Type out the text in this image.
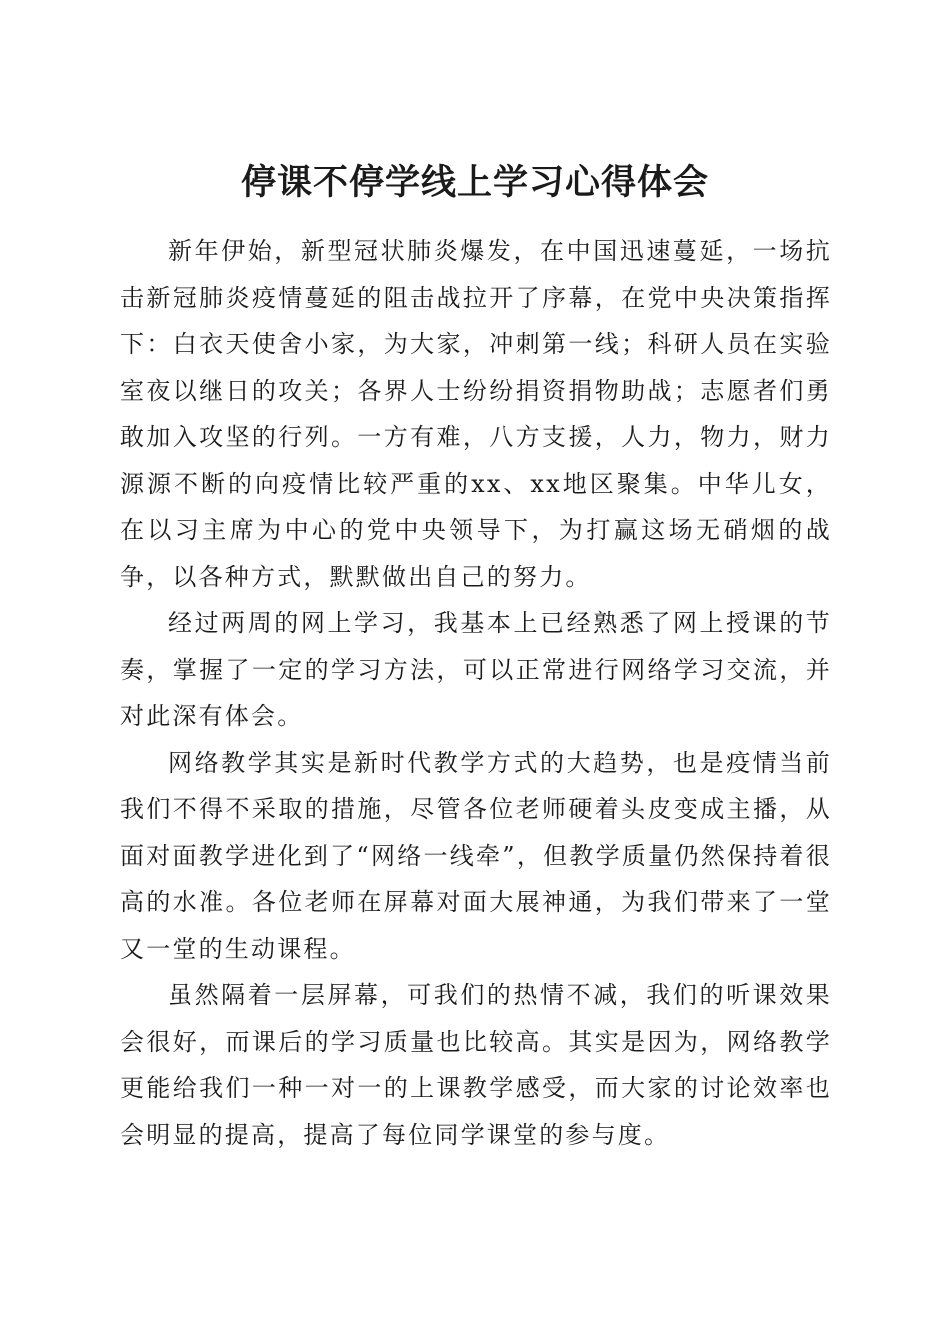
停课不停学线上学习心得体会

新年伊始，新型冠状肺炎爆发，在中国迅速蔓延，一场抗击新冠肺炎疫情蔓延的阻击战拉开了序幕，在党中央决策指挥下：白衣天使舍小家，为大家，冲刺第一线；科研人员在实验室夜以继日的攻关；各界人士纷纷捐资捐物助战；志愿者们勇敢加入攻坚的行列。一方有难，八方支援，人力，物力，财力源源不断的向疫情比较严重的xx、xx地区聚集。中华儿女，在以习主席为中心的党中央领导下，为打赢这场无硝烟的战争，以各种方式，默默做出自己的努力。

经过两周的网上学习，我基本上已经熟悉了网上授课的节奏，掌握了一定的学习方法，可以正常进行网络学习交流，并对此深有体会。

网络教学其实是新时代教学方式的大趋势，也是疫情当前我们不得不采取的措施，尽管各位老师硬着头皮变成主播，从面对面教学进化到了“网络一线牵”，但教学质量仍然保持着很高的水准。各位老师在屏幕对面大展神通，为我们带来了一堂又一堂的生动课程。

虽然隔着一层屏幕，可我们的热情不减，我们的听课效果会很好，而课后的学习质量也比较高。其实是因为，网络教学更能给我们一种一对一的上课教学感受，而大家的讨论效率也会明显的提高，提高了每位同学课堂的参与度。
